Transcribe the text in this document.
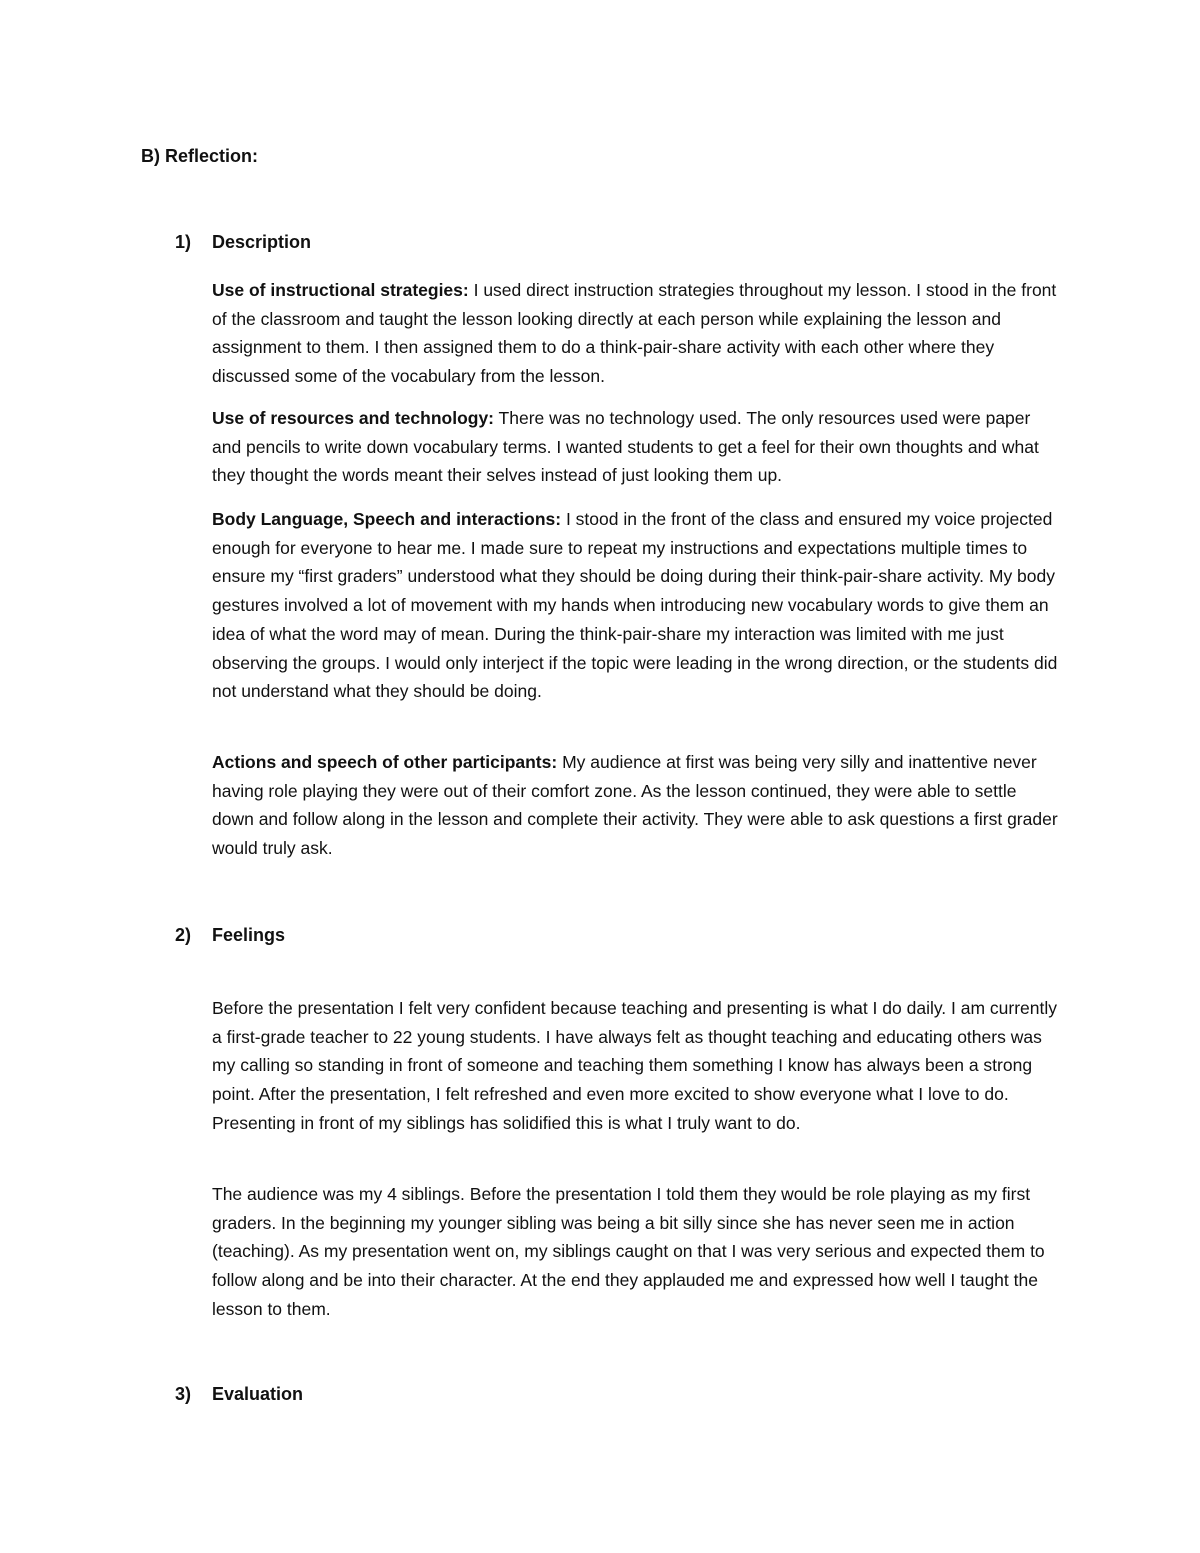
B) Reflection:
1) Description

Use of instructional strategies: I used direct instruction strategies throughout my lesson. I stood in the front of the classroom and taught the lesson looking directly at each person while explaining the lesson and assignment to them. I then assigned them to do a think-pair-share activity with each other where they discussed some of the vocabulary from the lesson.

Use of resources and technology: There was no technology used. The only resources used were paper and pencils to write down vocabulary terms. I wanted students to get a feel for their own thoughts and what they thought the words meant their selves instead of just looking them up.

Body Language, Speech and interactions: I stood in the front of the class and ensured my voice projected enough for everyone to hear me. I made sure to repeat my instructions and expectations multiple times to ensure my “first graders” understood what they should be doing during their think-pair-share activity. My body gestures involved a lot of movement with my hands when introducing new vocabulary words to give them an idea of what the word may of mean. During the think-pair-share my interaction was limited with me just observing the groups. I would only interject if the topic were leading in the wrong direction, or the students did not understand what they should be doing.

Actions and speech of other participants: My audience at first was being very silly and inattentive never having role playing they were out of their comfort zone. As the lesson continued, they were able to settle down and follow along in the lesson and complete their activity. They were able to ask questions a first grader would truly ask.

2) Feelings

Before the presentation I felt very confident because teaching and presenting is what I do daily. I am currently a first-grade teacher to 22 young students. I have always felt as thought teaching and educating others was my calling so standing in front of someone and teaching them something I know has always been a strong point. After the presentation, I felt refreshed and even more excited to show everyone what I love to do. Presenting in front of my siblings has solidified this is what I truly want to do.

The audience was my 4 siblings. Before the presentation I told them they would be role playing as my first graders. In the beginning my younger sibling was being a bit silly since she has never seen me in action (teaching). As my presentation went on, my siblings caught on that I was very serious and expected them to follow along and be into their character. At the end they applauded me and expressed how well I taught the lesson to them.

3) Evaluation
